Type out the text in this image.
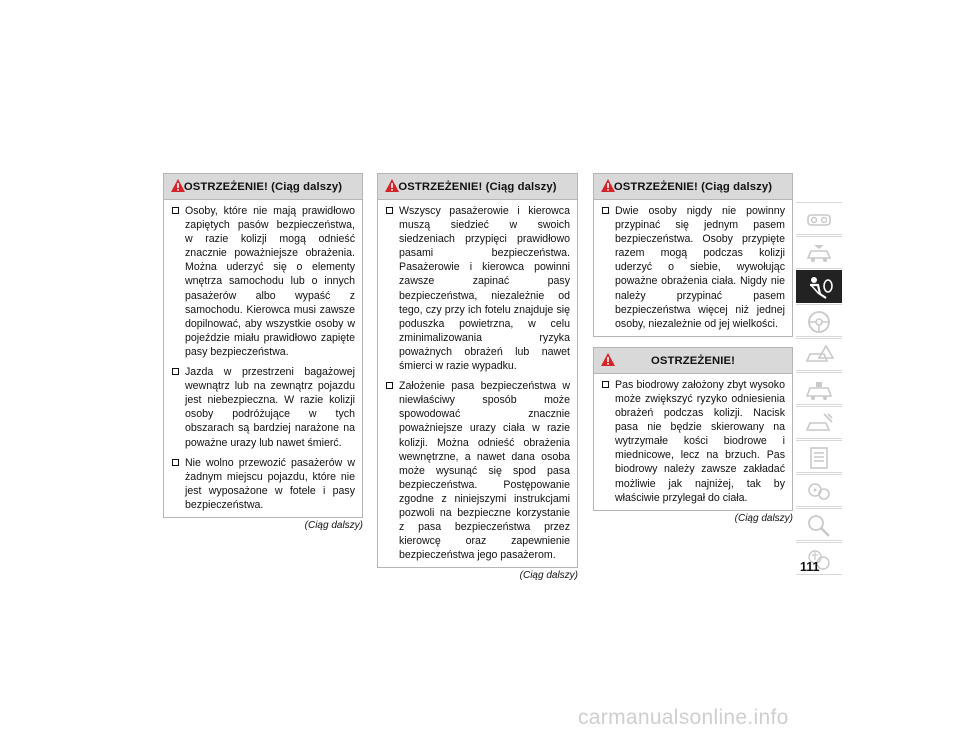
OSTRZEŻENIE! (Ciąg dalszy)
Osoby, które nie mają prawidłowo zapiętych pasów bezpieczeństwa, w razie kolizji mogą odnieść znacznie poważniejsze obrażenia. Można uderzyć się o elementy wnętrza samochodu lub o innych pasażerów albo wypaść z samochodu. Kierowca musi zawsze dopilnować, aby wszystkie osoby w pojeździe miału prawidłowo zapięte pasy bezpieczeństwa.
Jazda w przestrzeni bagażowej wewnątrz lub na zewnątrz pojazdu jest niebezpieczna. W razie kolizji osoby podróżujące w tych obszarach są bardziej narażone na poważne urazy lub nawet śmierć.
Nie wolno przewozić pasażerów w żadnym miejscu pojazdu, które nie jest wyposażone w fotele i pasy bezpieczeństwa.
(Ciąg dalszy)
OSTRZEŻENIE! (Ciąg dalszy)
Wszyscy pasażerowie i kierowca muszą siedzieć w swoich siedzeniach przypięci prawidłowo pasami bezpieczeństwa. Pasażerowie i kierowca powinni zawsze zapinać pasy bezpieczeństwa, niezależnie od tego, czy przy ich fotelu znajduje się poduszka powietrzna, w celu zminimalizowania ryzyka poważnych obrażeń lub nawet śmierci w razie wypadku.
Założenie pasa bezpieczeństwa w niewłaściwy sposób może spowodować znacznie poważniejsze urazy ciała w razie kolizji. Można odnieść obrażenia wewnętrzne, a nawet dana osoba może wysunąć się spod pasa bezpieczeństwa. Postępowanie zgodne z niniejszymi instrukcjami pozwoli na bezpieczne korzystanie z pasa bezpieczeństwa przez kierowcę oraz zapewnienie bezpieczeństwa jego pasażerom.
(Ciąg dalszy)
OSTRZEŻENIE! (Ciąg dalszy)
Dwie osoby nigdy nie powinny przypinać się jednym pasem bezpieczeństwa. Osoby przypięte razem mogą podczas kolizji uderzyć o siebie, wywołując poważne obrażenia ciała. Nigdy nie należy przypinać pasem bezpieczeństwa więcej niż jednej osoby, niezależnie od jej wielkości.
OSTRZEŻENIE!
Pas biodrowy założony zbyt wysoko może zwiększyć ryzyko odniesienia obrażeń podczas kolizji. Nacisk pasa nie będzie skierowany na wytrzymałe kości biodrowe i miednicowe, lecz na brzuch. Pas biodrowy należy zawsze zakładać możliwie jak najniżej, tak by właściwie przylegał do ciała.
(Ciąg dalszy)
111
carmanualsonline.info
